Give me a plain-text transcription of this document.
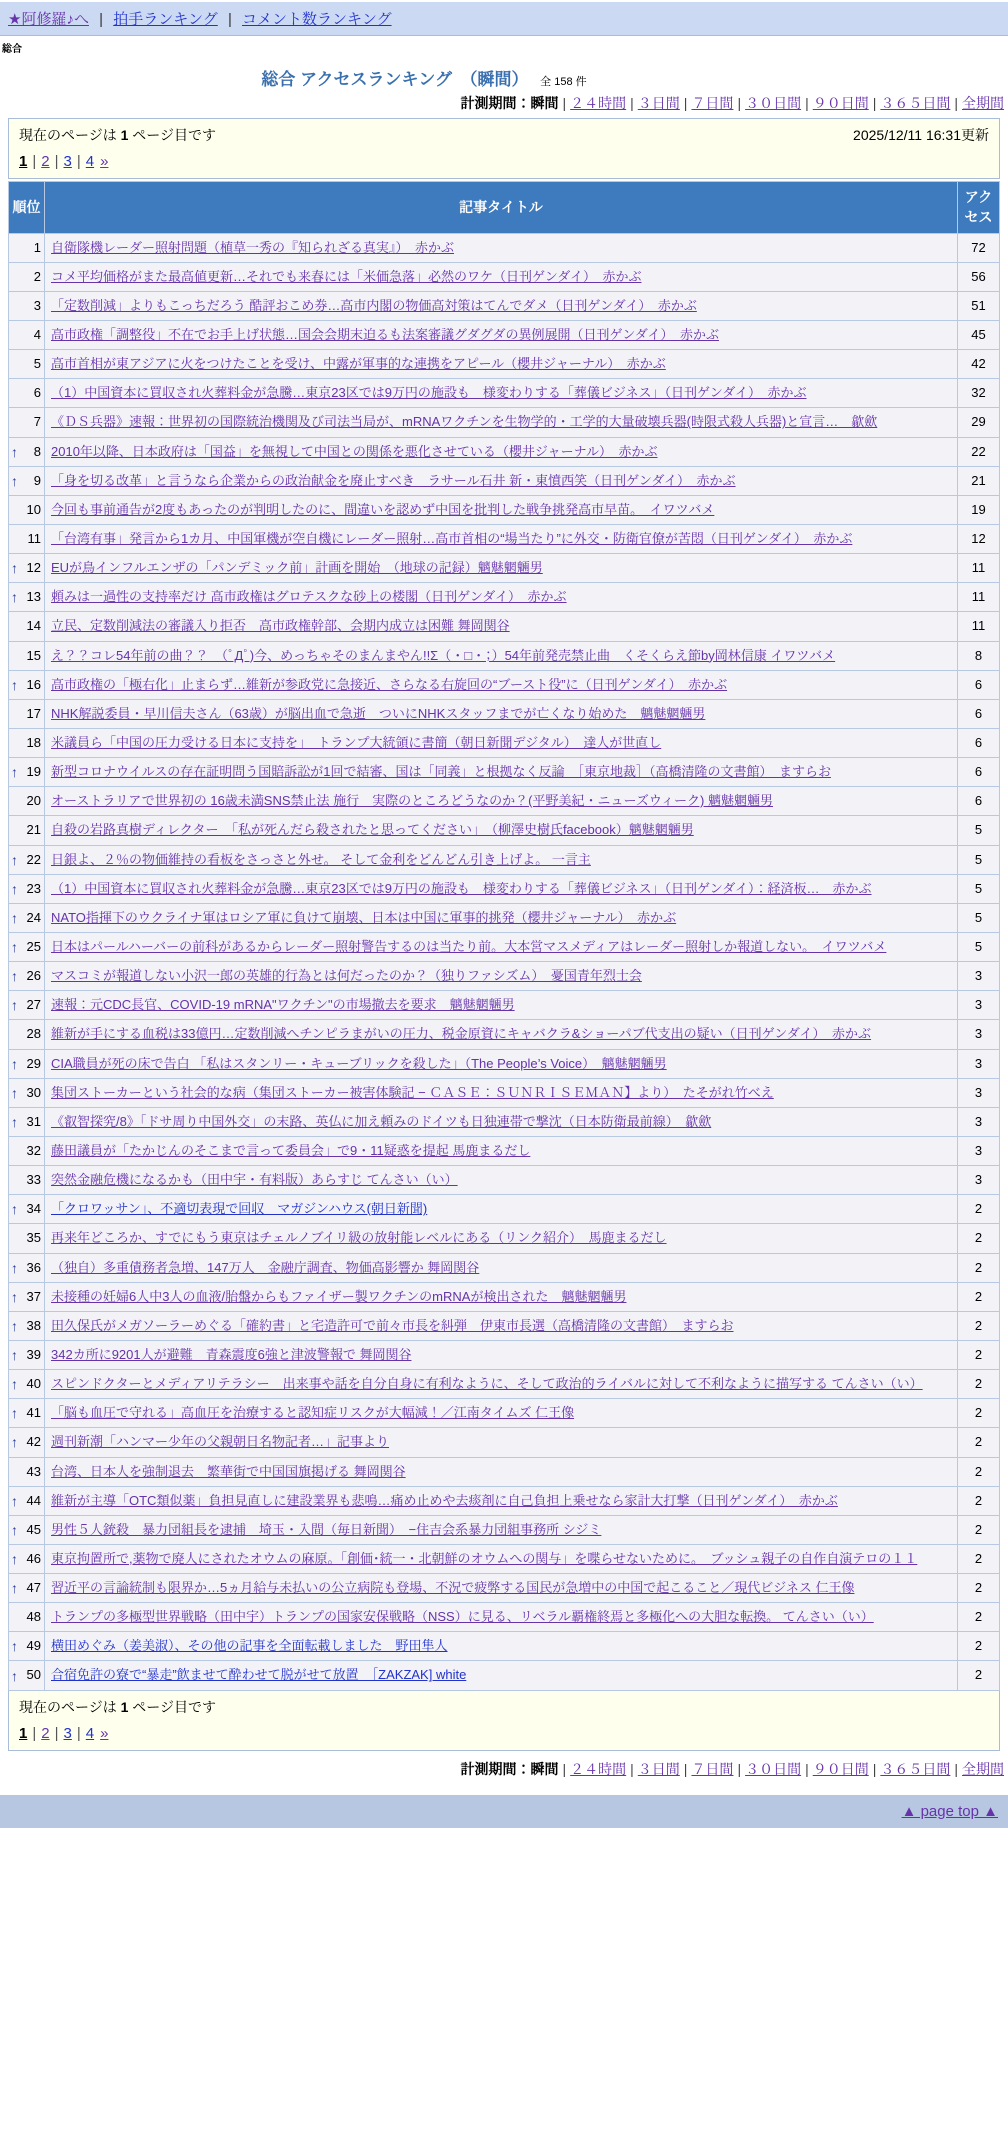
★阿修羅♪へ | 拍手ランキング | コメント数ランキング
総合
総合 アクセスランキング　（瞬間） 全 158 件
計測期間：瞬間 | ２４時間 | ３日間 | ７日間 | ３０日間 | ９０日間 | ３６５日間 | 全期間
現在のページは 1 ページ目です	2025/12/11 16:31更新
1 | 2 | 3 | 4 »
順位	記事タイトル	アクセス

1	自衛隊機レーダー照射問題（植草一秀の『知られざる真実』）　赤かぶ	72

2	コメ平均価格がまた最高値更新…それでも来春には「米価急落」必然のワケ（日刊ゲンダイ）　赤かぶ	56

3	「定数削減」よりもこっちだろう 酷評おこめ券…高市内閣の物価高対策はてんでダメ（日刊ゲンダイ）　赤かぶ	51

4	高市政権「調整役」不在でお手上げ状態…国会会期末迫るも法案審議グダグダの異例展開（日刊ゲンダイ）　赤かぶ	45

5	高市首相が東アジアに火をつけたことを受け、中露が軍事的な連携をアピール（櫻井ジャーナル）　赤かぶ	42

6	（1）中国資本に買収され火葬料金が急騰…東京23区では9万円の施設も　様変わりする「葬儀ビジネス」（日刊ゲンダイ）　赤かぶ	32

7	《ＤＳ兵器》速報：世界初の国際統治機関及び司法当局が、mRNAワクチンを生物学的・工学的大量破壊兵器(時限式殺人兵器)と宣言…　歙歛	29

↑ 8	2010年以降、日本政府は「国益」を無視して中国との関係を悪化させている（櫻井ジャーナル）　赤かぶ	22

↑ 9	「身を切る改革」と言うなら企業からの政治献金を廃止すべき　ラサール石井 新・東憤西笑（日刊ゲンダイ）　赤かぶ	21

10	今回も事前通告が2度もあったのが判明したのに、間違いを認めず中国を批判した戦争挑発高市早苗。　イワツバメ	19

11	「台湾有事」発言から1カ月、中国軍機が空自機にレーダー照射…高市首相の“場当たり”に外交・防衛官僚が苦悶（日刊ゲンダイ）　赤かぶ	12

↑ 12	EUが鳥インフルエンザの「パンデミック前」計画を開始　（地球の記録）魑魅魍魎男	11

↑ 13	頼みは一過性の支持率だけ 高市政権はグロテスクな砂上の楼閣（日刊ゲンダイ）　赤かぶ	11

14	立民、定数削減法の審議入り拒否　高市政権幹部、会期内成立は困難 舞岡関谷	11

15	え？？コレ54年前の曲？？　（ﾟДﾟ)今、めっちゃそのまんまやん!!Σ（・□・；）54年前発売禁止曲　くそくらえ節by岡林信康 イワツバメ	8

↑ 16	高市政権の「極右化」止まらず…維新が参政党に急接近、さらなる右旋回の“ブースト役”に（日刊ゲンダイ）　赤かぶ	6

17	NHK解説委員・早川信夫さん（63歳）が脳出血で急逝　ついにNHKスタッフまでが亡くなり始めた　魑魅魍魎男	6

18	米議員ら「中国の圧力受ける日本に支持を」　トランプ大統領に書簡（朝日新聞デジタル）　達人が世直し	6

↑ 19	新型コロナウイルスの存在証明問う国賠訴訟が1回で結審、国は「同義」と根拠なく反論　［東京地裁］（高橋清隆の文書館）　ますらお	6

20	オーストラリアで世界初の 16歳未満SNS禁止法 施行　実際のところどうなのか？(平野美紀・ニューズウィーク) 魑魅魍魎男	6

21	自殺の岩路真樹ディレクター　「私が死んだら殺されたと思ってください」　（柳澤史樹氏facebook）魑魅魍魎男	5

↑ 22	日銀よ、２％の物価維持の看板をさっさと外せ。 そして金利をどんどん引き上げよ。 一言主	5

↑ 23	（1）中国資本に買収され火葬料金が急騰…東京23区では9万円の施設も　様変わりする「葬儀ビジネス」（日刊ゲンダイ）：経済板…　赤かぶ	5

↑ 24	NATO指揮下のウクライナ軍はロシア軍に負けて崩壊、日本は中国に軍事的挑発（櫻井ジャーナル）　赤かぶ	5

↑ 25	日本はパールハーバーの前科があるからレーダー照射警告するのは当たり前。大本営マスメディアはレーダー照射しか報道しない。　イワツバメ	5

↑ 26	マスコミが報道しない小沢一郎の英雄的行為とは何だったのか？（独りファシズム）　憂国青年烈士会	3

↑ 27	速報：元CDC長官、COVID-19 mRNA"ワクチン"の市場撤去を要求　魑魅魍魎男	3

28	維新が手にする血税は33億円…定数削減へチンピラまがいの圧力、税金原資にキャバクラ&ショーパブ代支出の疑い（日刊ゲンダイ）　赤かぶ	3

↑ 29	CIA職員が死の床で告白 「私はスタンリー・キューブリックを殺した」（The People’s Voice）　魑魅魍魎男	3

↑ 30	集団ストーカーという社会的な病（集団ストーカー被害体験記 − ＣＡＳＥ：ＳＵＮＲＩＳＥＭＡＮ】より）　たそがれ竹べえ	3

↑ 31	《叡智探究/8》「ドサ周り中国外交」の末路、英仏に加え頼みのドイツも日独連帯で撃沈（日本防衛最前線）　歙歛	3

32	藤田議員が「たかじんのそこまで言って委員会」で9・11疑惑を提起 馬鹿まるだし	3

33	突然金融危機になるかも（田中宇・有料版）あらすじ てんさい（い）	3

↑ 34	「クロワッサン」、不適切表現で回収　マガジンハウス(朝日新聞)	2

35	再来年どころか、すでにもう東京はチェルノブイリ級の放射能レベルにある（リンク紹介）　馬鹿まるだし	2

↑ 36	（独自）多重債務者急増、147万人　金融庁調査、物価高影響か 舞岡関谷	2

↑ 37	未接種の妊婦6人中3人の血液/胎盤からもファイザー製ワクチンのmRNAが検出された　魑魅魍魎男	2

↑ 38	田久保氏がメガソーラーめぐる「確約書」と宅造許可で前々市長を糾弾　伊東市長選（高橋清隆の文書館）　ますらお	2

↑ 39	342カ所に9201人が避難　青森震度6強と津波警報で 舞岡関谷	2

↑ 40	スピンドクターとメディアリテラシー　出来事や話を自分自身に有利なように、そして政治的ライバルに対して不利なように描写する てんさい（い）	2

↑ 41	「脳も血圧で守れる」高血圧を治療すると認知症リスクが大幅減！／江南タイムズ 仁王像	2

↑ 42	週刊新潮「ハンマー少年の父親朝日名物記者…」記事より	2

43	台湾、日本人を強制退去　繁華街で中国国旗掲げる 舞岡関谷	2

↑ 44	維新が主導「OTC類似薬」負担見直しに建設業界も悲鳴…痛め止めや去痰剤に自己負担上乗せなら家計大打撃（日刊ゲンダイ）　赤かぶ	2

↑ 45	男性５人銃殺　暴力団組長を逮捕　埼玉・入間（毎日新聞）　−住吉会系暴力団組事務所 シジミ	2

↑ 46	東京拘置所で,薬物で廃人にされたオウムの麻原。「創価･統一・北朝鮮のオウムへの関与」を喋らせないために。　ブッシュ親子の自作自演テロの１１	2

↑ 47	習近平の言論統制も限界か…5ヵ月給与未払いの公立病院も登場、不況で疲弊する国民が急増中の中国で起こること／現代ビジネス 仁王像	2

48	トランプの多極型世界戦略（田中宇）トランプの国家安保戦略（NSS）に見る、リベラル覇権終焉と多極化への大胆な転換。 てんさい（い）	2

↑ 49	横田めぐみ（姜美淑）、その他の記事を全面転載しました　野田隼人	2

↑ 50	合宿免許の寮で“暴走”飲ませて酔わせて脱がせて放置　［ZAKZAK] white	2
現在のページは 1 ページ目です
1 | 2 | 3 | 4 »
計測期間：瞬間 | ２４時間 | ３日間 | ７日間 | ３０日間 | ９０日間 | ３６５日間 | 全期間
▲ page top ▲
